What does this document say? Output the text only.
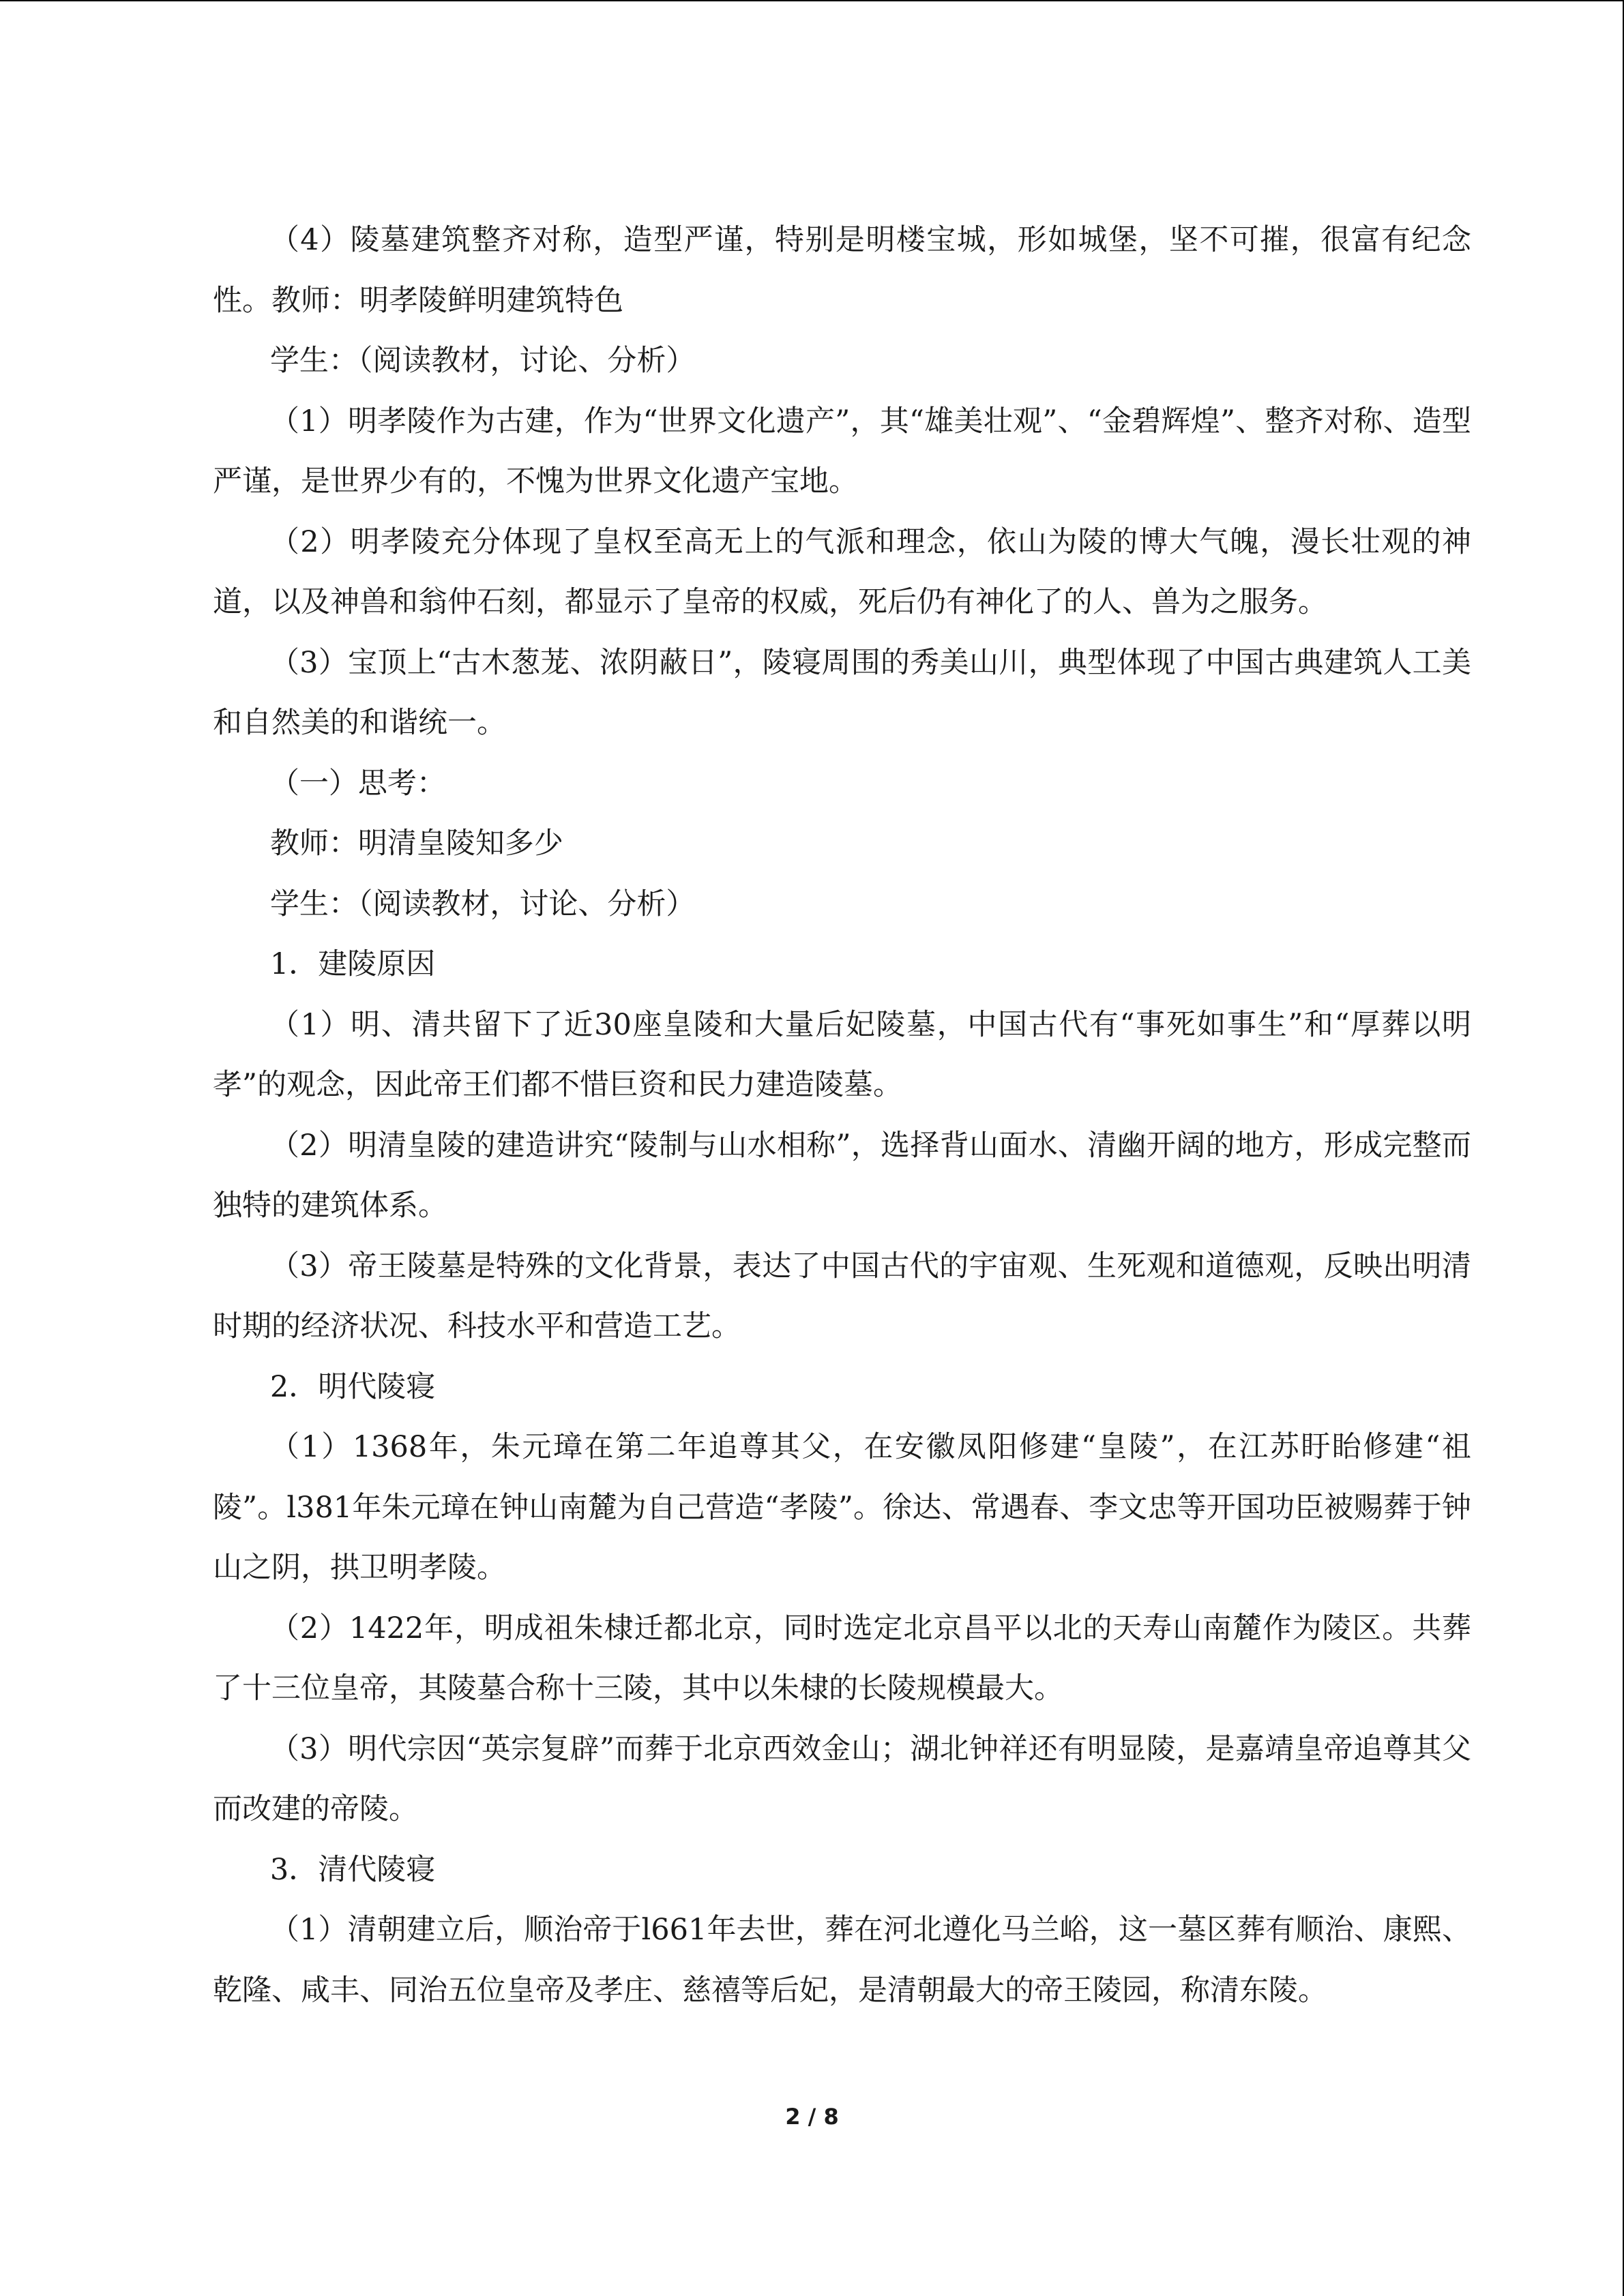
（4）陵墓建筑整齐对称，造型严谨，特别是明楼宝城，形如城堡，坚不可摧，很富有纪念性。教师：明孝陵鲜明建筑特色

学生：（阅读教材，讨论、分析）

（1）明孝陵作为古建，作为“世界文化遗产”，其“雄美壮观”、“金碧辉煌”、整齐对称、造型严谨，是世界少有的，不愧为世界文化遗产宝地。

（2）明孝陵充分体现了皇权至高无上的气派和理念，依山为陵的博大气魄，漫长壮观的神道，以及神兽和翁仲石刻，都显示了皇帝的权威，死后仍有神化了的人、兽为之服务。

（3）宝顶上“古木葱茏、浓阴蔽日”，陵寝周围的秀美山川，典型体现了中国古典建筑人工美和自然美的和谐统一。

（一）思考：

教师：明清皇陵知多少

学生：（阅读教材，讨论、分析）

1．建陵原因

（1）明、清共留下了近30座皇陵和大量后妃陵墓，中国古代有“事死如事生”和“厚葬以明孝”的观念，因此帝王们都不惜巨资和民力建造陵墓。

（2）明清皇陵的建造讲究“陵制与山水相称”，选择背山面水、清幽开阔的地方，形成完整而独特的建筑体系。

（3）帝王陵墓是特殊的文化背景，表达了中国古代的宇宙观、生死观和道德观，反映出明清时期的经济状况、科技水平和营造工艺。

2．明代陵寝

（1）1368年，朱元璋在第二年追尊其父，在安徽凤阳修建“皇陵”，在江苏盱眙修建“祖陵”。l381年朱元璋在钟山南麓为自己营造“孝陵”。徐达、常遇春、李文忠等开国功臣被赐葬于钟山之阴，拱卫明孝陵。

（2）1422年，明成祖朱棣迁都北京，同时选定北京昌平以北的天寿山南麓作为陵区。共葬了十三位皇帝，其陵墓合称十三陵，其中以朱棣的长陵规模最大。

（3）明代宗因“英宗复辟”而葬于北京西效金山；湖北钟祥还有明显陵，是嘉靖皇帝追尊其父而改建的帝陵。

3．清代陵寝

（1）清朝建立后，顺治帝于l661年去世，葬在河北遵化马兰峪，这一墓区葬有顺治、康熙、乾隆、咸丰、同治五位皇帝及孝庄、慈禧等后妃，是清朝最大的帝王陵园，称清东陵。

2 / 8
